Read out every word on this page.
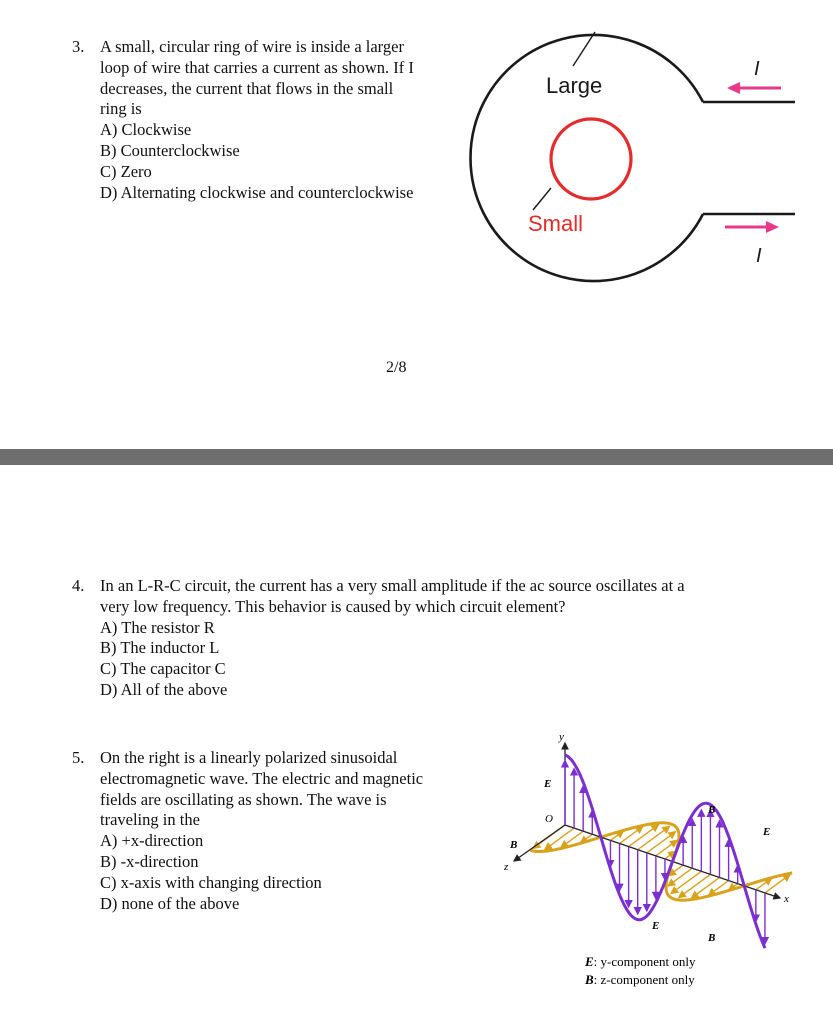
3. A small, circular ring of wire is inside a larger
loop of wire that carries a current as shown. If I
decreases, the current that flows in the small
ring is
A) Clockwise
B) Counterclockwise
C) Zero
D) Alternating clockwise and counterclockwise
Large
Small
I
I
2/8
4. In an L-R-C circuit, the current has a very small amplitude if the ac source oscillates at a
very low frequency. This behavior is caused by which circuit element?
A) The resistor R
B) The inductor L
C) The capacitor C
D) All of the above
5. On the right is a linearly polarized sinusoidal
electromagnetic wave. The electric and magnetic
fields are oscillating as shown. The wave is
traveling in the
A) +x-direction
B) -x-direction
C) x-axis with changing direction
D) none of the above
y
x
z
O
E
B
B
E
E
B
E: y-component only
B: z-component only
